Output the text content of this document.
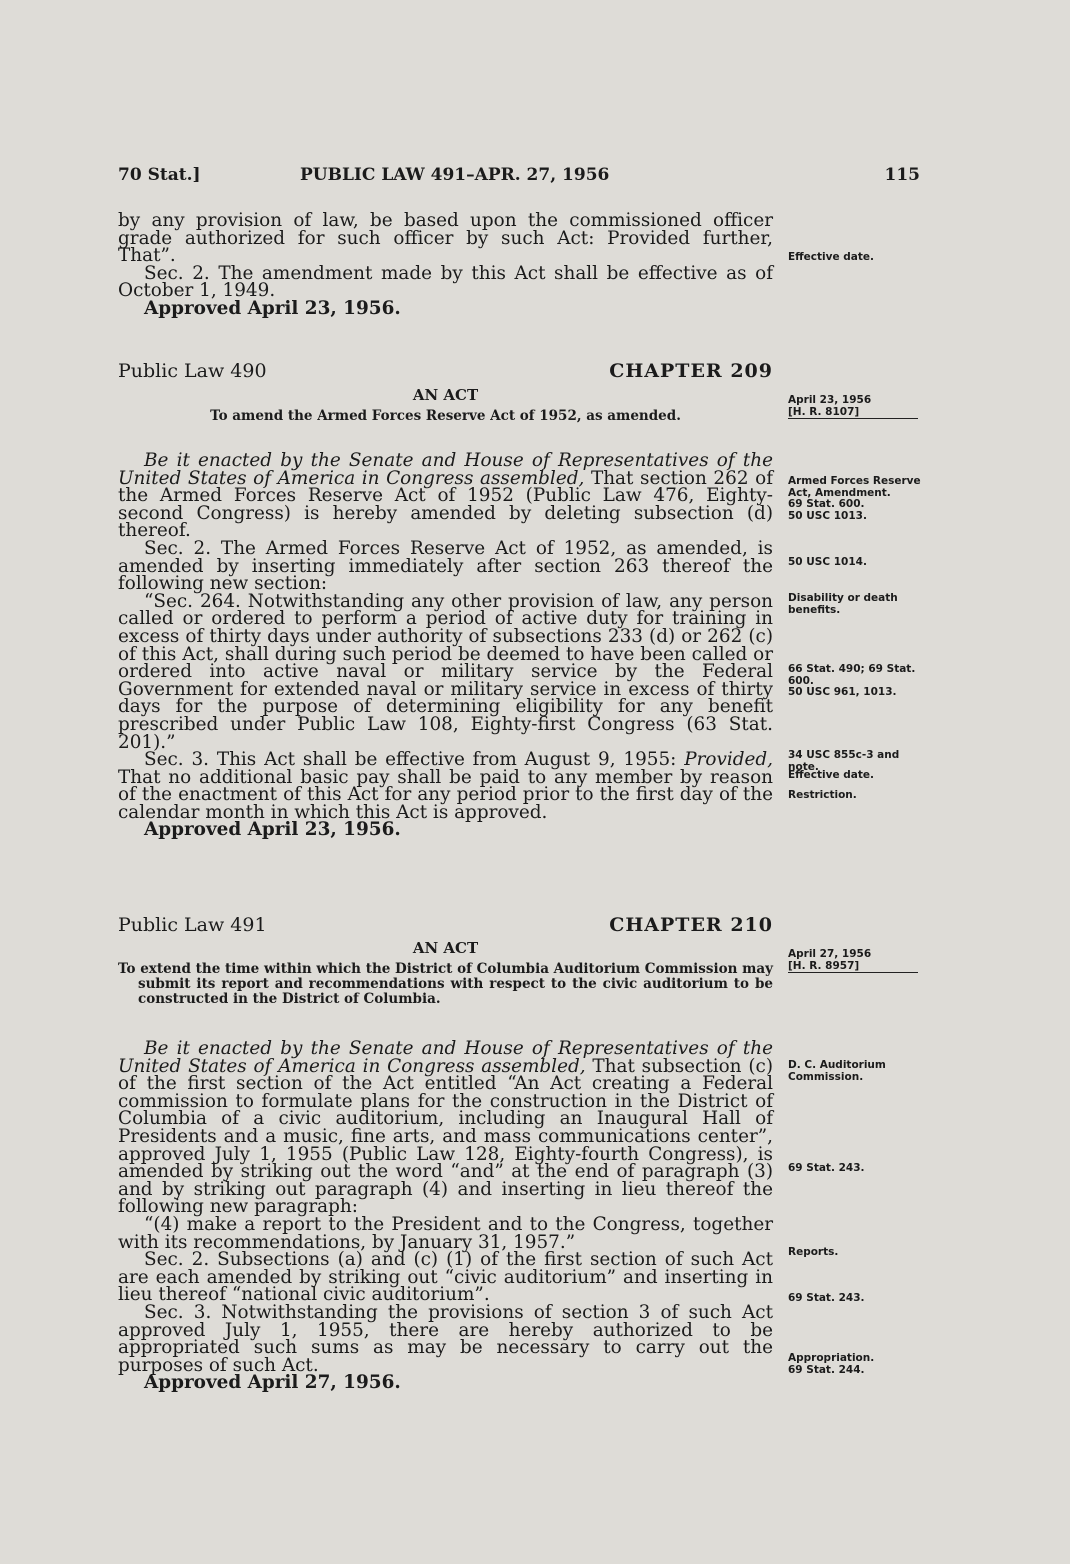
70 Stat.]	PUBLIC LAW 491–APR. 27, 1956	115

by any provision of law, be based upon the commissioned officer grade authorized for such officer by such Act: Provided further, That”.

Sec. 2. The amendment made by this Act shall be effective as of October 1, 1949.

Approved April 23, 1956.

Public Law 490	CHAPTER 209
AN ACT
To amend the Armed Forces Reserve Act of 1952, as amended.

Be it enacted by the Senate and House of Representatives of the United States of America in Congress assembled, That section 262 of the Armed Forces Reserve Act of 1952 (Public Law 476, Eighty-second Congress) is hereby amended by deleting subsection (d) thereof.

Sec. 2. The Armed Forces Reserve Act of 1952, as amended, is amended by inserting immediately after section 263 thereof the following new section:

“Sec. 264. Notwithstanding any other provision of law, any person called or ordered to perform a period of active duty for training in excess of thirty days under authority of subsections 233 (d) or 262 (c) of this Act, shall during such period be deemed to have been called or ordered into active naval or military service by the Federal Government for extended naval or military service in excess of thirty days for the purpose of determining eligibility for any benefit prescribed under Public Law 108, Eighty-first Congress (63 Stat. 201).”

Sec. 3. This Act shall be effective from August 9, 1955: Provided, That no additional basic pay shall be paid to any member by reason of the enactment of this Act for any period prior to the first day of the calendar month in which this Act is approved.

Approved April 23, 1956.

Public Law 491	CHAPTER 210
AN ACT
To extend the time within which the District of Columbia Auditorium Commission may submit its report and recommendations with respect to the civic auditorium to be constructed in the District of Columbia.

Be it enacted by the Senate and House of Representatives of the United States of America in Congress assembled, That subsection (c) of the first section of the Act entitled “An Act creating a Federal commission to formulate plans for the construction in the District of Columbia of a civic auditorium, including an Inaugural Hall of Presidents and a music, fine arts, and mass communications center”, approved July 1, 1955 (Public Law 128, Eighty-fourth Congress), is amended by striking out the word “and” at the end of paragraph (3) and by striking out paragraph (4) and inserting in lieu thereof the following new paragraph:

“(4) make a report to the President and to the Congress, together with its recommendations, by January 31, 1957.”

Sec. 2. Subsections (a) and (c) (1) of the first section of such Act are each amended by striking out “civic auditorium” and inserting in lieu thereof “national civic auditorium”.

Sec. 3. Notwithstanding the provisions of section 3 of such Act approved July 1, 1955, there are hereby authorized to be appropriated such sums as may be necessary to carry out the purposes of such Act.

Approved April 27, 1956.

Effective date.
April 23, 1956

[H. R. 8107]
Armed Forces Reserve Act, Amendment.
69 Stat. 600.
50 USC 1013.
50 USC 1014.
Disability or death benefits.
66 Stat. 490; 69 Stat. 600.
50 USC 961, 1013.
34 USC 855c-3 and note.
Effective date.
Restriction.
April 27, 1956

[H. R. 8957]
D. C. Auditorium Commission.
69 Stat. 243.
Reports.
69 Stat. 243.
Appropriation.
69 Stat. 244.
